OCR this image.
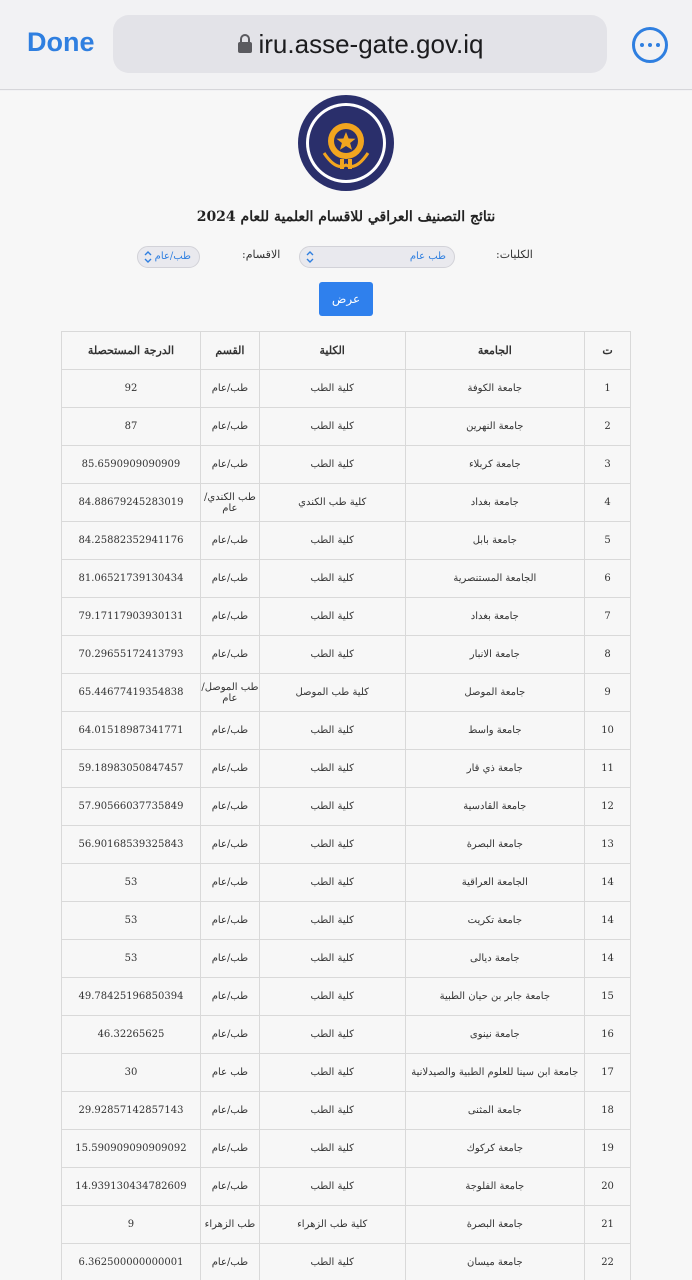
Done	iru.asse-gate.gov.iq
نتائج التصنيف العراقي للاقسام العلمية للعام 2024
الكليات:
طب عام
الاقسام:
طب/عام
عرض
ت	الجامعة	الكلية	القسم	الدرجة المستحصلة
1	جامعة الكوفة	كلية الطب	طب/عام	92
2	جامعة النهرين	كلية الطب	طب/عام	87
3	جامعة كربلاء	كلية الطب	طب/عام	85.6590909090909
4	جامعة بغداد	كلية طب الكندي	طب الكندي/عام	84.88679245283019
5	جامعة بابل	كلية الطب	طب/عام	84.25882352941176
6	الجامعة المستنصرية	كلية الطب	طب/عام	81.06521739130434
7	جامعة بغداد	كلية الطب	طب/عام	79.17117903930131
8	جامعة الانبار	كلية الطب	طب/عام	70.29655172413793
9	جامعة الموصل	كلية طب الموصل	طب الموصل/عام	65.44677419354838
10	جامعة واسط	كلية الطب	طب/عام	64.01518987341771
11	جامعة ذي قار	كلية الطب	طب/عام	59.18983050847457
12	جامعة القادسية	كلية الطب	طب/عام	57.90566037735849
13	جامعة البصرة	كلية الطب	طب/عام	56.90168539325843
14	الجامعة العراقية	كلية الطب	طب/عام	53
14	جامعة تكريت	كلية الطب	طب/عام	53
14	جامعة ديالى	كلية الطب	طب/عام	53
15	جامعة جابر بن حيان الطبية	كلية الطب	طب/عام	49.78425196850394
16	جامعة نينوى	كلية الطب	طب/عام	46.32265625
17	جامعة ابن سينا للعلوم الطبية والصيدلانية	كلية الطب	طب عام	30
18	جامعة المثنى	كلية الطب	طب/عام	29.92857142857143
19	جامعة كركوك	كلية الطب	طب/عام	15.590909090909092
20	جامعة الفلوجة	كلية الطب	طب/عام	14.939130434782609
21	جامعة البصرة	كلية طب الزهراء	طب الزهراء	9
22	جامعة ميسان	كلية الطب	طب/عام	6.362500000000001
